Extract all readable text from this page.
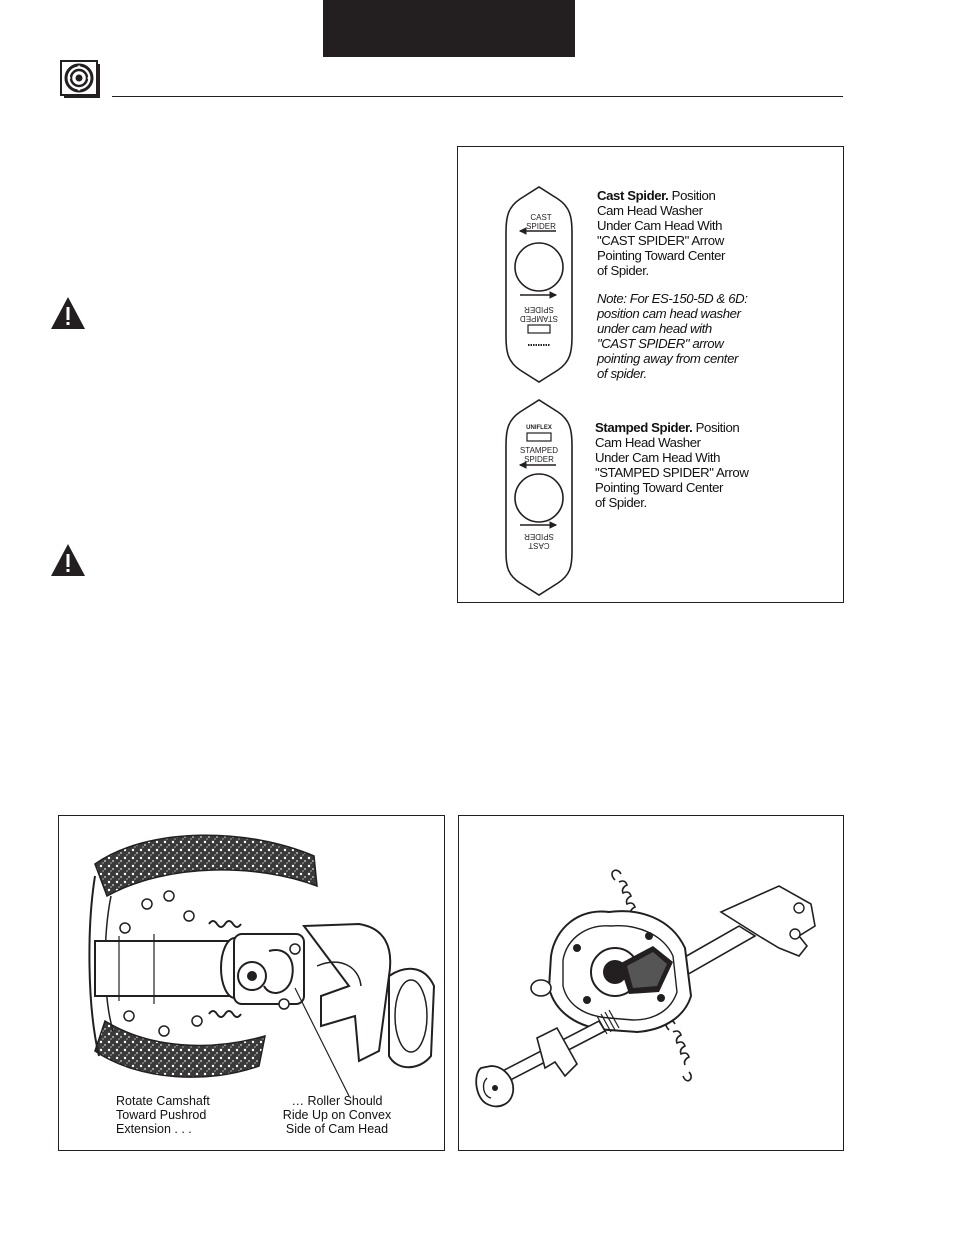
CAST
SPIDER
STAMPED
SPIDER
UNIFLEX
STAMPED
SPIDER
CAST
SPIDER
Cast Spider. Position
Cam Head Washer
Under Cam Head With
"CAST SPIDER" Arrow
Pointing Toward Center
of Spider.
Note: For ES-150-5D & 6D:
position cam head washer
under cam head with
"CAST SPIDER" arrow
pointing away from center
of spider.
Stamped Spider. Position
Cam Head Washer
Under Cam Head With
"STAMPED SPIDER" Arrow
Pointing Toward Center
of Spider.
Rotate Camshaft
Toward Pushrod
Extension . . .
… Roller Should
Ride Up on Convex
Side of Cam Head
